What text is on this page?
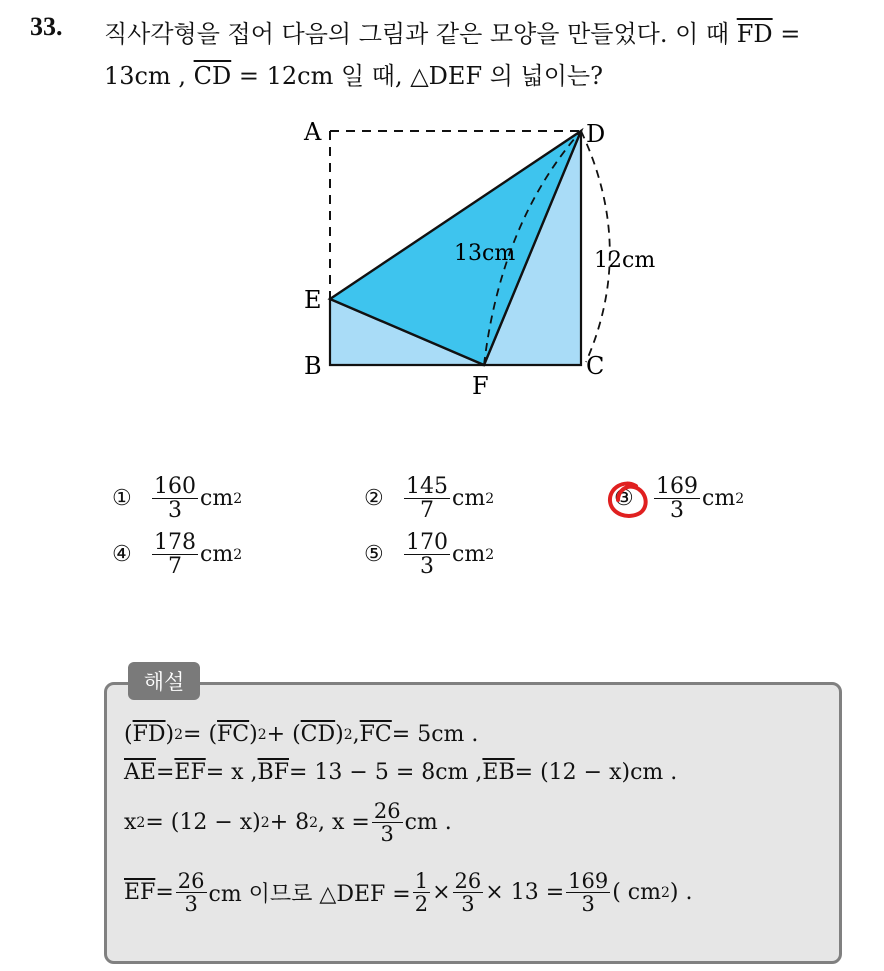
33. 직사각형을 접어 다음의 그림과 같은 모양을 만들었다. 이 때 $\overline{FD}$ =
13cm , $\overline{CD} = 12cm$ 일 때, △DEF 의 넓이는?
A	D
E
B
F
C
13cm	12cm
① $\frac{160}{3}$ cm 2	② $\frac{145}{7}$ cm 2	③ $\frac{169}{3}$ cm 2
④ $\frac{178}{7}$ cm 2	⑤ $\frac{170}{3}$ cm 2
해설
( $\overline{FD}$ ) 2 = ( $\overline{FC}$ ) 2 + ( $\overline{CD}$ ) 2 , $\overline{FC} = 5cm$ .
$\overline{AE} = \overline{EF} = x$ , $\overline{BF} = 13 - 5 = 8cm$ , $\overline{EB} = (12 - x)cm$ .
x 2 = (12 − x) 2 + 8 2 , $x = \frac{26}{3}$ cm .
$\overline{EF} = \frac{26}{3}$ cm 이므로 △DEF = $\frac{1}{2} \times \frac{26}{3} \times 13 = \frac{169}{3}$ ( cm 2 ) .
